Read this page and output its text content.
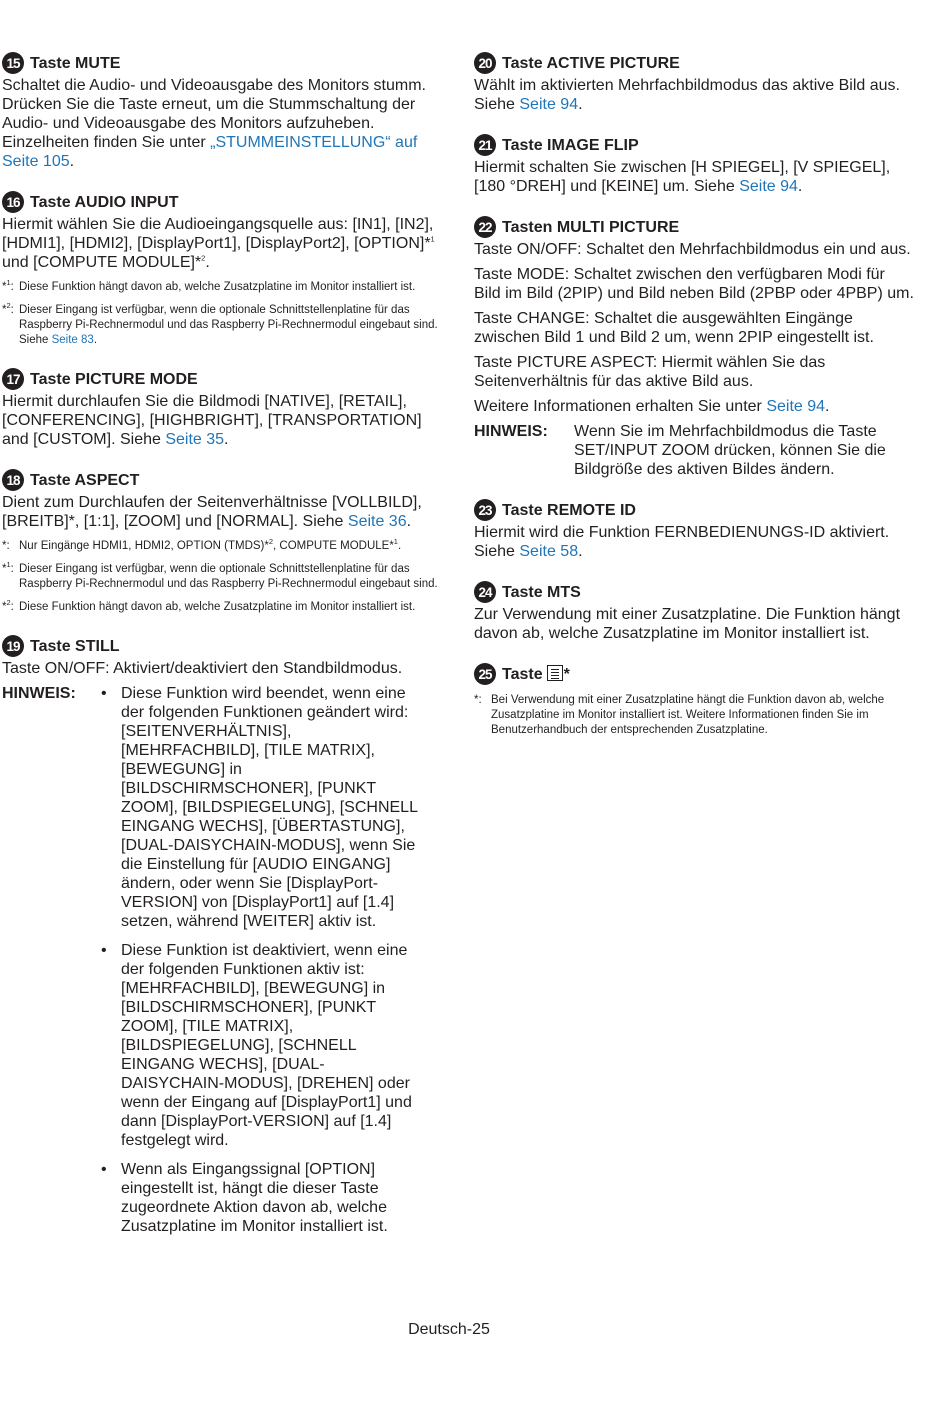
15 Taste MUTE

Schaltet die Audio- und Videoausgabe des Monitors stumm. Drücken Sie die Taste erneut, um die Stummschaltung der Audio- und Videoausgabe des Monitors aufzuheben. Einzelheiten finden Sie unter „STUMMEINSTELLUNG“ auf Seite 105.

16 Taste AUDIO INPUT

Hiermit wählen Sie die Audioeingangsquelle aus: [IN1], [IN2], [HDMI1], [HDMI2], [DisplayPort1], [DisplayPort2], [OPTION]*$^1$ und [COMPUTE MODULE]*$^2$.

*$^1$: Diese Funktion hängt davon ab, welche Zusatzplatine im Monitor installiert ist.
*$^2$: Dieser Eingang ist verfügbar, wenn die optionale Schnittstellenplatine für das Raspberry Pi-Rechnermodul und das Raspberry Pi-Rechnermodul eingebaut sind. Siehe Seite 83.
17 Taste PICTURE MODE

Hiermit durchlaufen Sie die Bildmodi [NATIVE], [RETAIL], [CONFERENCING], [HIGHBRIGHT], [TRANSPORTATION] and [CUSTOM]. Siehe Seite 35.

18 Taste ASPECT

Dient zum Durchlaufen der Seitenverhältnisse [VOLLBILD], [BREITB]*, [1:1], [ZOOM] und [NORMAL]. Siehe Seite 36.

*: Nur Eingänge HDMI1, HDMI2, OPTION (TMDS)*$^2$, COMPUTE MODULE*$^1$.
*$^1$: Dieser Eingang ist verfügbar, wenn die optionale Schnittstellenplatine für das Raspberry Pi-Rechnermodul und das Raspberry Pi-Rechnermodul eingebaut sind.
*$^2$: Diese Funktion hängt davon ab, welche Zusatzplatine im Monitor installiert ist.
19 Taste STILL

Taste ON/OFF: Aktiviert/deaktiviert den Standbildmodus.

HINWEIS:	• Diese Funktion wird beendet, wenn eine der folgenden Funktionen geändert wird: [SEITENVERHÄLTNIS], [MEHRFACHBILD], [TILE MATRIX], [BEWEGUNG] in [BILDSCHIRMSCHONER], [PUNKT ZOOM], [BILDSPIEGELUNG], [SCHNELL EINGANG WECHS], [ÜBERTASTUNG], [DUAL-DAISYCHAIN-MODUS], wenn Sie die Einstellung für [AUDIO EINGANG] ändern, oder wenn Sie [DisplayPort-VERSION] von [DisplayPort1] auf [1.4] setzen, während [WEITER] aktiv ist.
• Diese Funktion ist deaktiviert, wenn eine der folgenden Funktionen aktiv ist: [MEHRFACHBILD], [BEWEGUNG] in [BILDSCHIRMSCHONER], [PUNKT ZOOM], [TILE MATRIX], [BILDSPIEGELUNG], [SCHNELL EINGANG WECHS], [DUAL-DAISYCHAIN-MODUS], [DREHEN] oder wenn der Eingang auf [DisplayPort1] und dann [DisplayPort-VERSION] auf [1.4] festgelegt wird.
• Wenn als Eingangssignal [OPTION] eingestellt ist, hängt die dieser Taste zugeordnete Aktion davon ab, welche Zusatzplatine im Monitor installiert ist.
20 Taste ACTIVE PICTURE

Wählt im aktivierten Mehrfachbildmodus das aktive Bild aus. Siehe Seite 94.

21 Taste IMAGE FLIP

Hiermit schalten Sie zwischen [H SPIEGEL], [V SPIEGEL], [180 °DREH] und [KEINE] um. Siehe Seite 94.

22 Tasten MULTI PICTURE

Taste ON/OFF: Schaltet den Mehrfachbildmodus ein und aus.

Taste MODE: Schaltet zwischen den verfügbaren Modi für Bild im Bild (2PIP) und Bild neben Bild (2PBP oder 4PBP) um.

Taste CHANGE: Schaltet die ausgewählten Eingänge zwischen Bild 1 und Bild 2 um, wenn 2PIP eingestellt ist.

Taste PICTURE ASPECT: Hiermit wählen Sie das Seitenverhältnis für das aktive Bild aus.

Weitere Informationen erhalten Sie unter Seite 94.

HINWEIS:	Wenn Sie im Mehrfachbildmodus die Taste SET/INPUT ZOOM drücken, können Sie die Bildgröße des aktiven Bildes ändern.
23 Taste REMOTE ID

Hiermit wird die Funktion FERNBEDIENUNGS-ID aktiviert. Siehe Seite 58.

24 Taste MTS

Zur Verwendung mit einer Zusatzplatine. Die Funktion hängt davon ab, welche Zusatzplatine im Monitor installiert ist.

25 Taste *
*: Bei Verwendung mit einer Zusatzplatine hängt die Funktion davon ab, welche Zusatzplatine im Monitor installiert ist. Weitere Informationen finden Sie im Benutzerhandbuch der entsprechenden Zusatzplatine.
Deutsch-25
